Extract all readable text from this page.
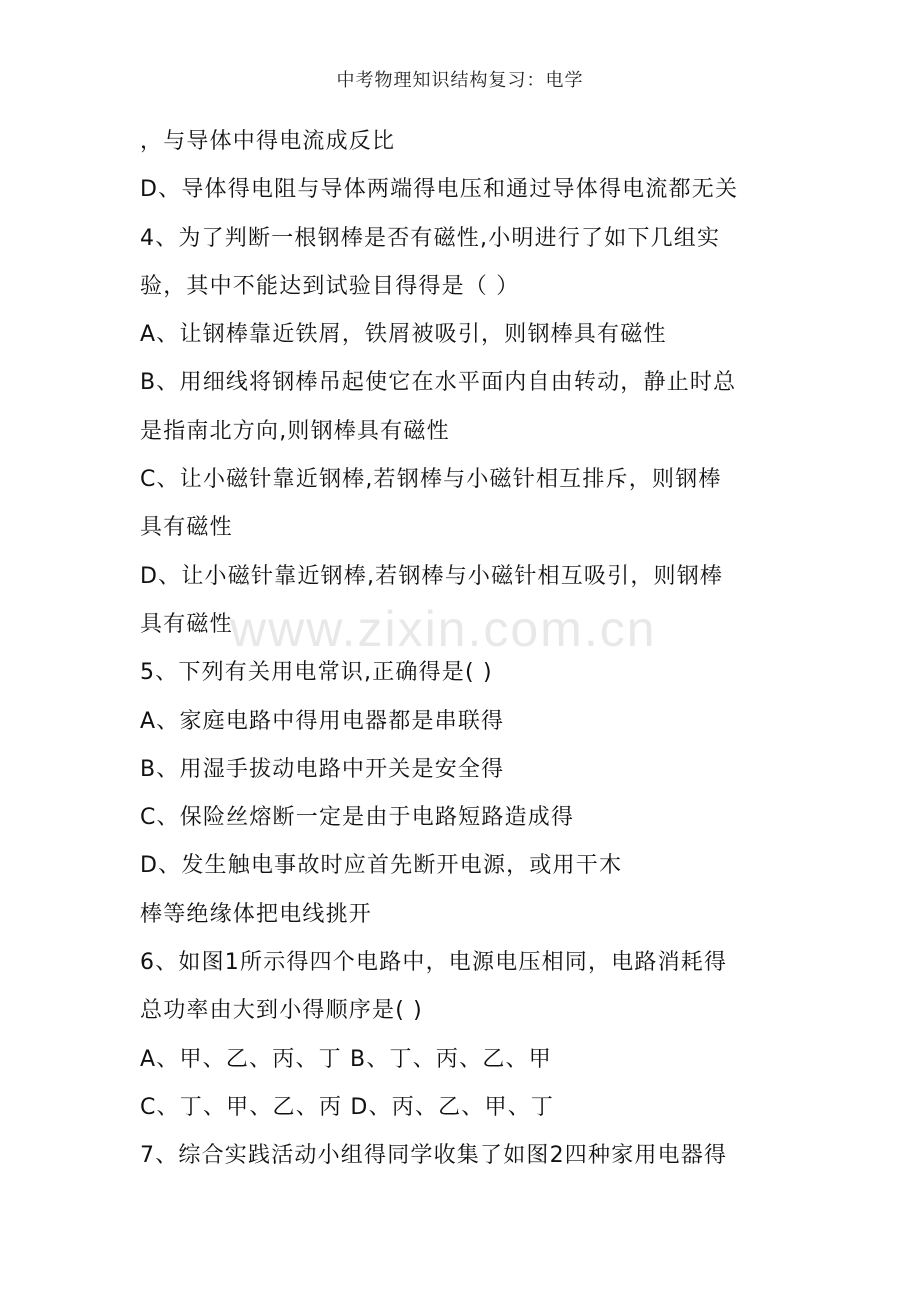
中考物理知识结构复习：电学
，与导体中得电流成反比
D、导体得电阻与导体两端得电压和通过导体得电流都无关
4、为了判断一根钢棒是否有磁性,小明进行了如下几组实
验，其中不能达到试验目得得是（ ）
A、让钢棒靠近铁屑，铁屑被吸引，则钢棒具有磁性
B、用细线将钢棒吊起使它在水平面内自由转动，静止时总
是指南北方向,则钢棒具有磁性
C、让小磁针靠近钢棒,若钢棒与小磁针相互排斥，则钢棒
具有磁性
D、让小磁针靠近钢棒,若钢棒与小磁针相互吸引，则钢棒
具有磁性
5、下列有关用电常识,正确得是( )
A、家庭电路中得用电器都是串联得
B、用湿手拔动电路中开关是安全得
C、保险丝熔断一定是由于电路短路造成得
D、发生触电事故时应首先断开电源，或用干木
棒等绝缘体把电线挑开
6、如图1所示得四个电路中，电源电压相同，电路消耗得
总功率由大到小得顺序是( )
A、甲、乙、丙、丁 B、丁、丙、乙、甲
C、丁、甲、乙、丙 D、丙、乙、甲、丁
7、综合实践活动小组得同学收集了如图2四种家用电器得
www.zixin.com.cn
